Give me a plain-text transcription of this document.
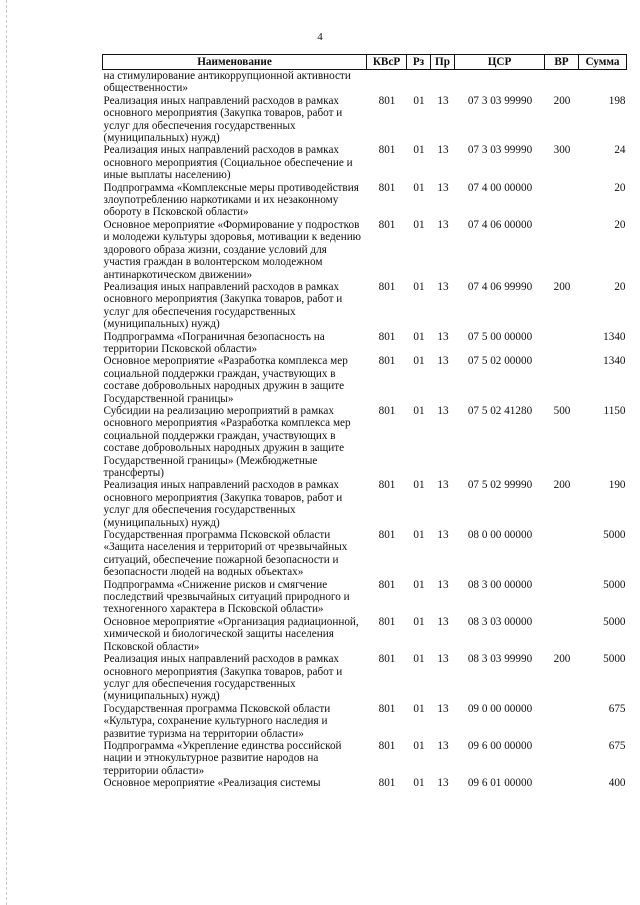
4
Наименование	КВсР	Рз	Пр	ЦСР	ВР	Сумма
на стимулирование антикоррупционной активности общественности»						
Реализация иных направлений расходов в рамках основного мероприятия (Закупка товаров, работ и услуг для обеспечения государственных (муниципальных) нужд)	801	01	13	07 3 03 99990	200	198
Реализация иных направлений расходов в рамках основного мероприятия (Социальное обеспечение и иные выплаты населению)	801	01	13	07 3 03 99990	300	24
Подпрограмма «Комплексные меры противодействия злоупотреблению наркотиками и их незаконному обороту в Псковской области»	801	01	13	07 4 00 00000		20
Основное мероприятие «Формирование у подростков и молодежи культуры здоровья, мотивации к ведению здорового образа жизни, создание условий для участия граждан в волонтерском молодежном антинаркотическом движении»	801	01	13	07 4 06 00000		20
Реализация иных направлений расходов в рамках основного мероприятия (Закупка товаров, работ и услуг для обеспечения государственных (муниципальных) нужд)	801	01	13	07 4 06 99990	200	20
Подпрограмма «Пограничная безопасность на территории Псковской области»	801	01	13	07 5 00 00000		1340
Основное мероприятие «Разработка комплекса мер социальной поддержки граждан, участвующих в составе добровольных народных дружин в защите Государственной границы»	801	01	13	07 5 02 00000		1340
Субсидии на реализацию мероприятий в рамках основного мероприятия «Разработка комплекса мер социальной поддержки граждан, участвующих в составе добровольных народных дружин в защите Государственной границы» (Межбюджетные трансферты)	801	01	13	07 5 02 41280	500	1150
Реализация иных направлений расходов в рамках основного мероприятия (Закупка товаров, работ и услуг для обеспечения государственных (муниципальных) нужд)	801	01	13	07 5 02 99990	200	190
Государственная программа Псковской области «Защита населения и территорий от чрезвычайных ситуаций, обеспечение пожарной безопасности и безопасности людей на водных объектах»	801	01	13	08 0 00 00000		5000
Подпрограмма «Снижение рисков и смягчение последствий чрезвычайных ситуаций природного и техногенного характера в Псковской области»	801	01	13	08 3 00 00000		5000
Основное мероприятие «Организация радиационной, химической и биологической защиты населения Псковской области»	801	01	13	08 3 03 00000		5000
Реализация иных направлений расходов в рамках основного мероприятия (Закупка товаров, работ и услуг для обеспечения государственных (муниципальных) нужд)	801	01	13	08 3 03 99990	200	5000
Государственная программа Псковской области «Культура, сохранение культурного наследия и развитие туризма на территории области»	801	01	13	09 0 00 00000		675
Подпрограмма «Укрепление единства российской нации и этнокультурное развитие народов на территории области»	801	01	13	09 6 00 00000		675
Основное мероприятие «Реализация системы	801	01	13	09 6 01 00000		400
